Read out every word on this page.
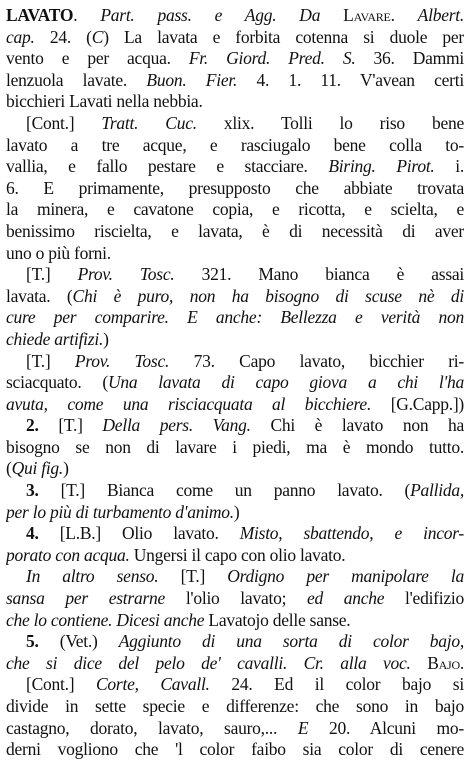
LAVATO. Part. pass. e Agg. Da Lavare. Albert.
cap. 24. (C) La lavata e forbita cotenna si duole per
vento e per acqua. Fr. Giord. Pred. S. 36. Dammi
lenzuola lavate. Buon. Fier. 4. 1. 11. V'avean certi
bicchieri Lavati nella nebbia.
[Cont.] Tratt. Cuc. xlix. Tolli lo riso bene
lavato a tre acque, e rasciugalo bene colla to-
vallia, e fallo pestare e stacciare. Biring. Pirot. i.
6. E primamente, presupposto che abbiate trovata
la minera, e cavatone copia, e ricotta, e scielta, e
benissimo riscielta, e lavata, è di necessità di aver
uno o più forni.
[T.] Prov. Tosc. 321. Mano bianca è assai
lavata. (Chi è puro, non ha bisogno di scuse nè di
cure per comparire. E anche: Bellezza e verità non
chiede artifizi.)
[T.] Prov. Tosc. 73. Capo lavato, bicchier ri-
sciacquato. (Una lavata di capo giova a chi l'ha
avuta, come una risciacquata al bicchiere. [G.Capp.])
2. [T.] Della pers. Vang. Chi è lavato non ha
bisogno se non di lavare i piedi, ma è mondo tutto.
(Qui fig.)
3. [T.] Bianca come un panno lavato. (Pallida,
per lo più di turbamento d'animo.)
4. [L.B.] Olio lavato. Misto, sbattendo, e incor-
porato con acqua. Ungersi il capo con olio lavato.
In altro senso. [T.] Ordigno per manipolare la
sansa per estrarne l'olio lavato; ed anche l'edifizio
che lo contiene. Dicesi anche Lavatojo delle sanse.
5. (Vet.) Aggiunto di una sorta di color bajo,
che si dice del pelo de' cavalli. Cr. alla voc. Bajo.
[Cont.] Corte, Cavall. 24. Ed il color bajo si
divide in sette specie e differenze: che sono in bajo
castagno, dorato, lavato, sauro,... E 20. Alcuni mo-
derni vogliono che 'l color faibo sia color di cenere
